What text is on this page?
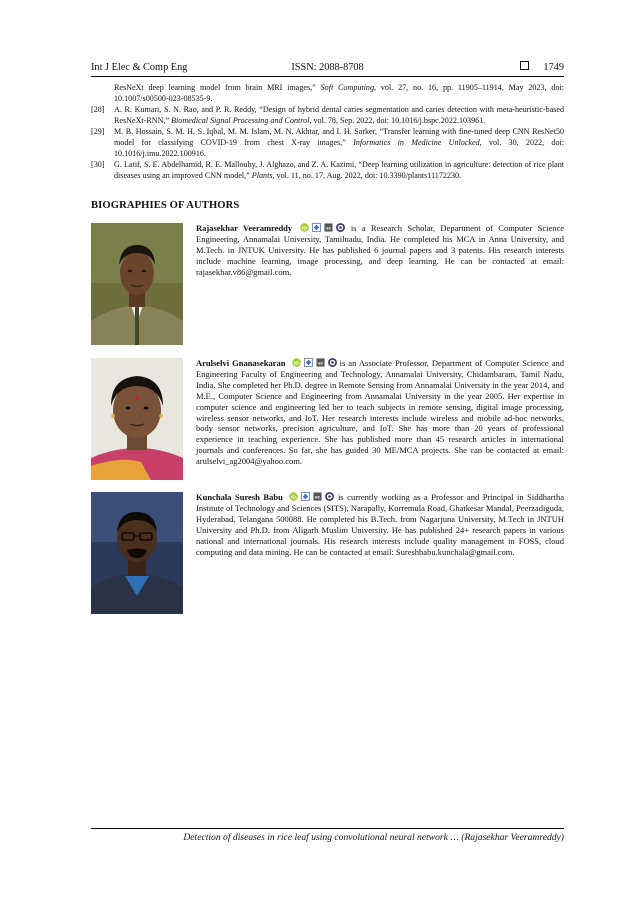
Int J Elec & Comp Eng	ISSN: 2088-8708	1749
ResNeXt deep learning model from brain MRI images,” Soft Computing, vol. 27, no. 16, pp. 11905–11914, May 2023, doi: 10.1007/s00500-023-08535-9.
[28] A. R. Kumari, S. N. Rao, and P. R. Reddy, “Design of hybrid dental caries segmentation and caries detection with meta-heuristic-based ResNeXt-RNN,” Biomedical Signal Processing and Control, vol. 78, Sep. 2022, doi: 10.1016/j.bspc.2022.103961.
[29] M. B. Hossain, S. M. H. S. Iqbal, M. M. Islam, M. N. Akhtar, and I. H. Sarker, “Transfer learning with fine-tuned deep CNN ResNet50 model for classifying COVID-19 from chest X-ray images,” Informatics in Medicine Unlocked, vol. 30, 2022, doi: 10.1016/j.imu.2022.100916.
[30] G. Latif, S. E. Abdelhamid, R. E. Mallouhy, J. Alghazo, and Z. A. Kazimi, “Deep learning utilization in agriculture: detection of rice plant diseases using an improved CNN model,” Plants, vol. 11, no. 17, Aug. 2022, doi: 10.3390/plants11172230.
BIOGRAPHIES OF AUTHORS
Rajasekhar Veeramreddy iD	sc is a Research Scholar, Department of Computer Science Engineering, Annamalai University, Tamilnadu, India. He completed his MCA in Anna University, and M.Tech. in JNTUK University. He has published 6 journal papers and 3 patents. His research interests include machine learning, image processing, and deep learning. He can be contacted at email: rajasekhar.v86@gmail.com.
Arulselvi Gnanasekaran iD	sc is an Associate Professor, Department of Computer Science and Engineering Faculty of Engineering and Technology, Annamalai University, Chidambaram, Tamil Nadu, India. She completed her Ph.D. degree in Remote Sensing from Annamalai University in the year 2014, and M.E., Computer Science and Engineering from Annamalai University in the year 2005. Her expertise in computer science and engineering led her to teach subjects in remote sensing, digital image processing, wireless sensor networks, and IoT. Her research interests include wireless and mobile ad-hoc networks, body sensor networks, precision agriculture, and IoT. She has more than 20 years of professional experience in teaching experience. She has published more than 45 research articles in international journals and conferences. So far, she has guided 30 ME/MCA projects. She can be contacted at email: arulselvi_ag2004@yahoo.com.
Kunchala Suresh Babu iD	sc is currently working as a Professor and Principal in Siddhartha Institute of Technology and Sciences (SITS), Narapally, Korremula Road, Ghatkesar Mandal, Peerzadiguda, Hyderabad, Telangana 500088. He completed his B.Tech. from Nagarjuna University, M.Tech in JNTUH University and Ph.D. from Aligarh Muslim University. He has published 24+ research papers in various national and international journals. His research interests include quality management in FOSS, cloud computing and data mining. He can be contacted at email: Sureshbabu.kunchala@gmail.com.
Detection of diseases in rice leaf using convolutional neural network … (Rajasekhar Veeramreddy)
